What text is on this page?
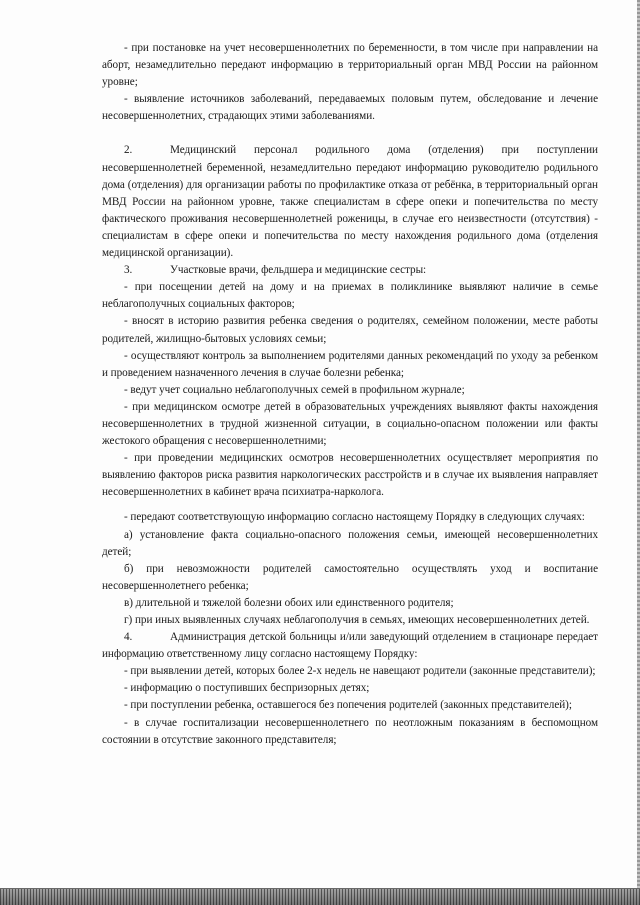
- при постановке на учет несовершеннолетних по беременности, в том числе при направлении на аборт, незамедлительно передают информацию в территориальный орган МВД России на районном уровне;

- выявление источников заболеваний, передаваемых половым путем, обследование и лечение несовершеннолетних, страдающих этими заболеваниями.

2.	Медицинский персонал родильного дома (отделения) при поступлении несовершеннолетней беременной, незамедлительно передают информацию руководителю родильного дома (отделения) для организации работы по профилактике отказа от ребёнка, в территориальный орган МВД России на районном уровне, также специалистам в сфере опеки и попечительства по месту фактического проживания несовершеннолетней роженицы, в случае его неизвестности (отсутствия) - специалистам в сфере опеки и попечительства по месту нахождения родильного дома (отделения медицинской организации).

3.	Участковые врачи, фельдшера и медицинские сестры:

- при посещении детей на дому и на приемах в поликлинике выявляют наличие в семье неблагополучных социальных факторов;

- вносят в историю развития ребенка сведения о родителях, семейном положении, месте работы родителей, жилищно-бытовых условиях семьи;

- осуществляют контроль за выполнением родителями данных рекомендаций по уходу за ребенком и проведением назначенного лечения в случае болезни ребенка;

- ведут учет социально неблагополучных семей в профильном журнале;

- при медицинском осмотре детей в образовательных учреждениях выявляют факты нахождения несовершеннолетних в трудной жизненной ситуации, в социально-опасном положении или факты жестокого обращения с несовершеннолетними;

- при проведении медицинских осмотров несовершеннолетних осуществляет мероприятия по выявлению факторов риска развития наркологических расстройств и в случае их выявления направляет несовершеннолетних в кабинет врача психиатра-нарколога.

- передают соответствующую информацию согласно настоящему Порядку в следующих случаях:

а) установление факта социально-опасного положения семьи, имеющей несовершеннолетних детей;

б) при невозможности родителей самостоятельно осуществлять уход и воспитание несовершеннолетнего ребенка;

в) длительной и тяжелой болезни обоих или единственного родителя;

г) при иных выявленных случаях неблагополучия в семьях, имеющих несовершеннолетних детей.

4.	Администрация детской больницы и/или заведующий отделением в стационаре передает информацию ответственному лицу согласно настоящему Порядку:

- при выявлении детей, которых более 2-х недель не навещают родители (законные представители);

- информацию о поступивших беспризорных детях;

- при поступлении ребенка, оставшегося без попечения родителей (законных представителей);

- в случае госпитализации несовершеннолетнего по неотложным показаниям в беспомощном состоянии в отсутствие законного представителя;
